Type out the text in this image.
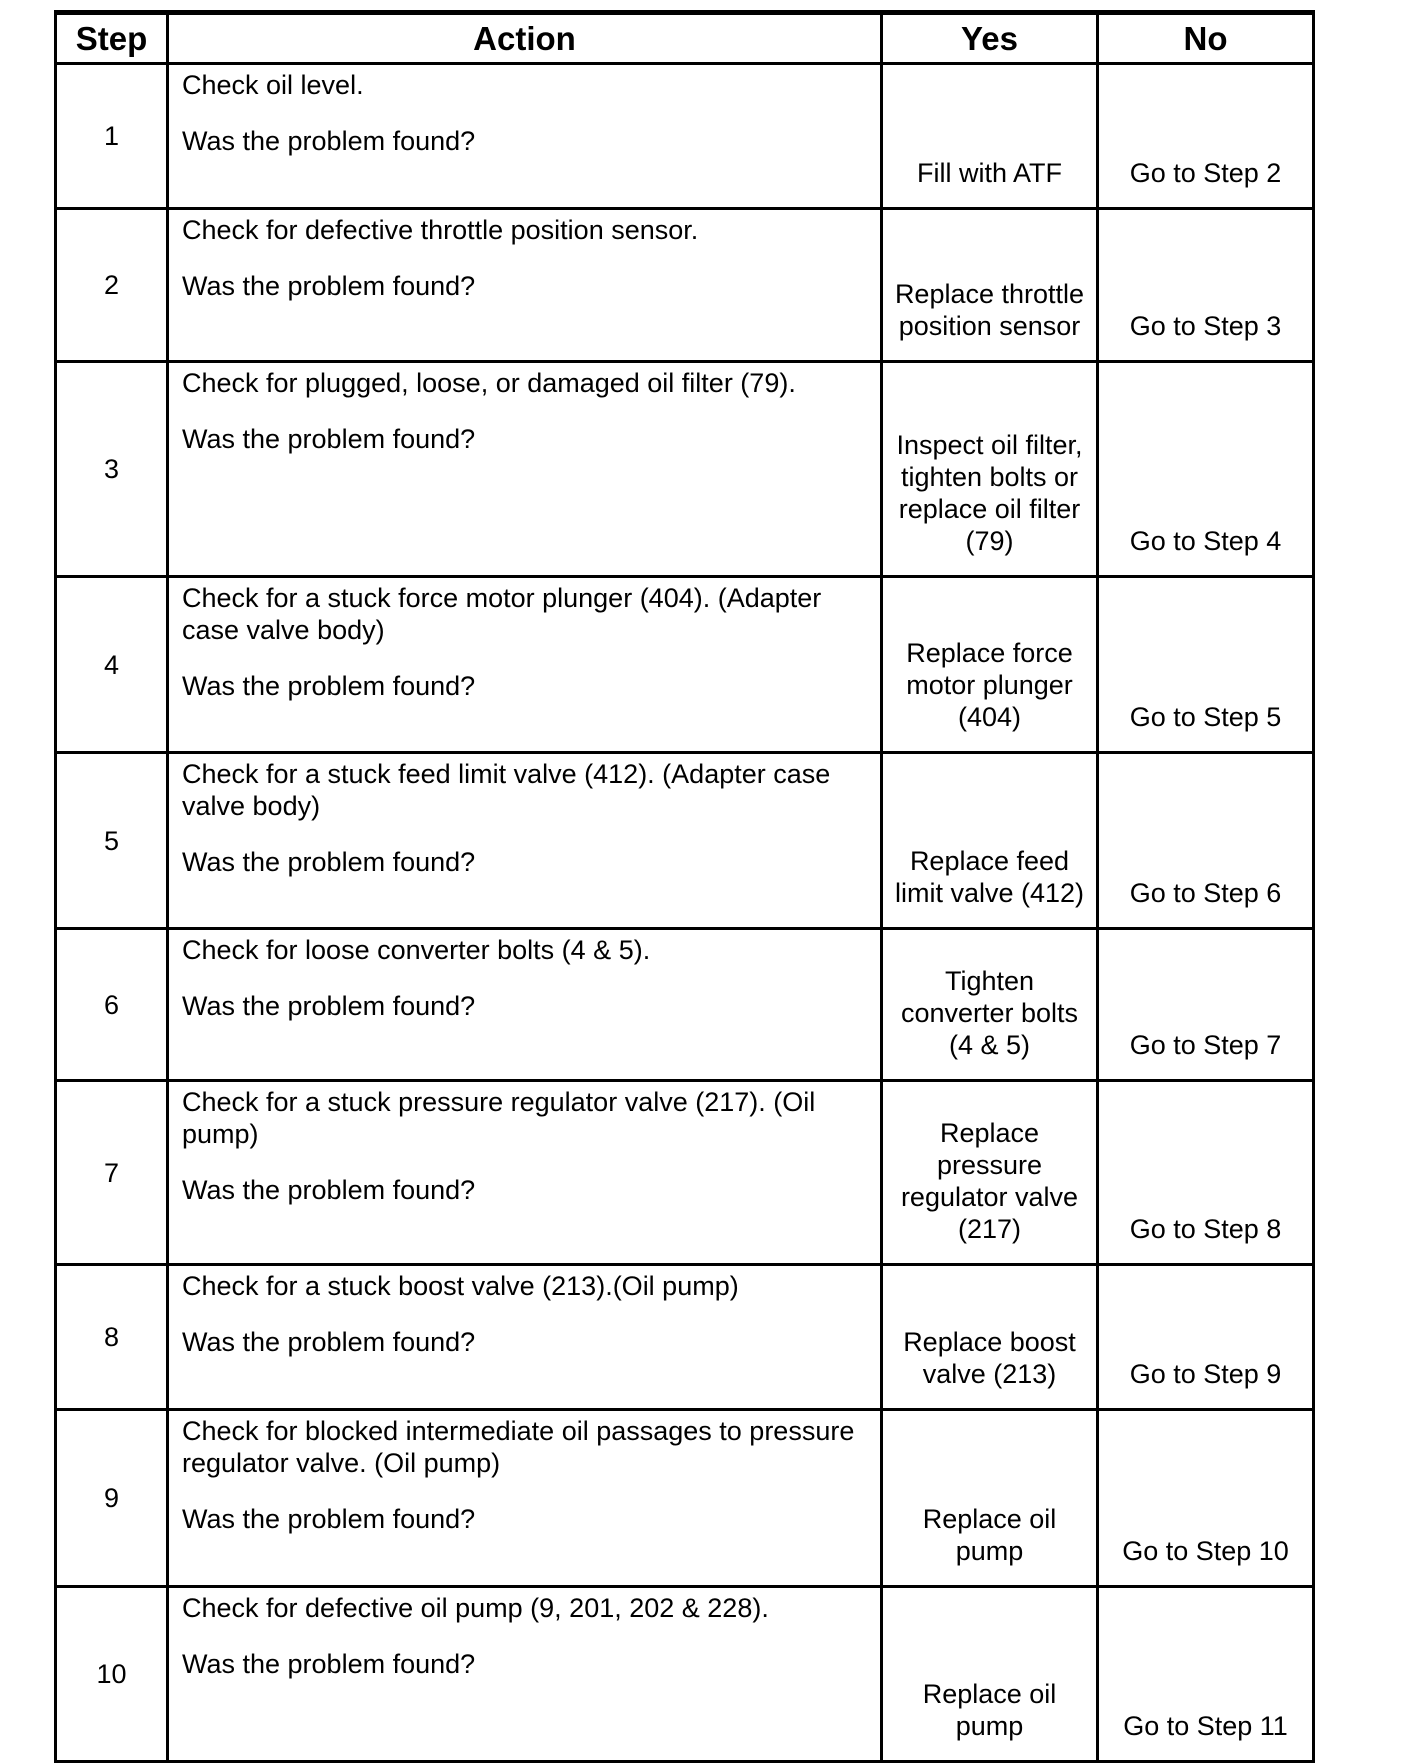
Step	Action	Yes	No
1	Check oil level.
Was the problem found?	Fill with ATF	Go to Step 2
2	Check for defective throttle position sensor.
Was the problem found?	Replace throttle position sensor	Go to Step 3
3	Check for plugged, loose, or damaged oil filter (79).
Was the problem found?	Inspect oil filter, tighten bolts or replace oil filter (79)	Go to Step 4
4	Check for a stuck force motor plunger (404). (Adapter case valve body)
Was the problem found?	Replace force motor plunger (404)	Go to Step 5
5	Check for a stuck feed limit valve (412). (Adapter case valve body)
Was the problem found?	Replace feed limit valve (412)	Go to Step 6
6	Check for loose converter bolts (4 & 5).
Was the problem found?	Tighten converter bolts (4 & 5)	Go to Step 7
7	Check for a stuck pressure regulator valve (217). (Oil pump)
Was the problem found?	Replace pressure regulator valve (217)	Go to Step 8
8	Check for a stuck boost valve (213).(Oil pump)
Was the problem found?	Replace boost valve (213)	Go to Step 9
9	Check for blocked intermediate oil passages to pressure regulator valve. (Oil pump)
Was the problem found?	Replace oil pump	Go to Step 10
10	Check for defective oil pump (9, 201, 202 & 228).
Was the problem found?	Replace oil pump	Go to Step 11
